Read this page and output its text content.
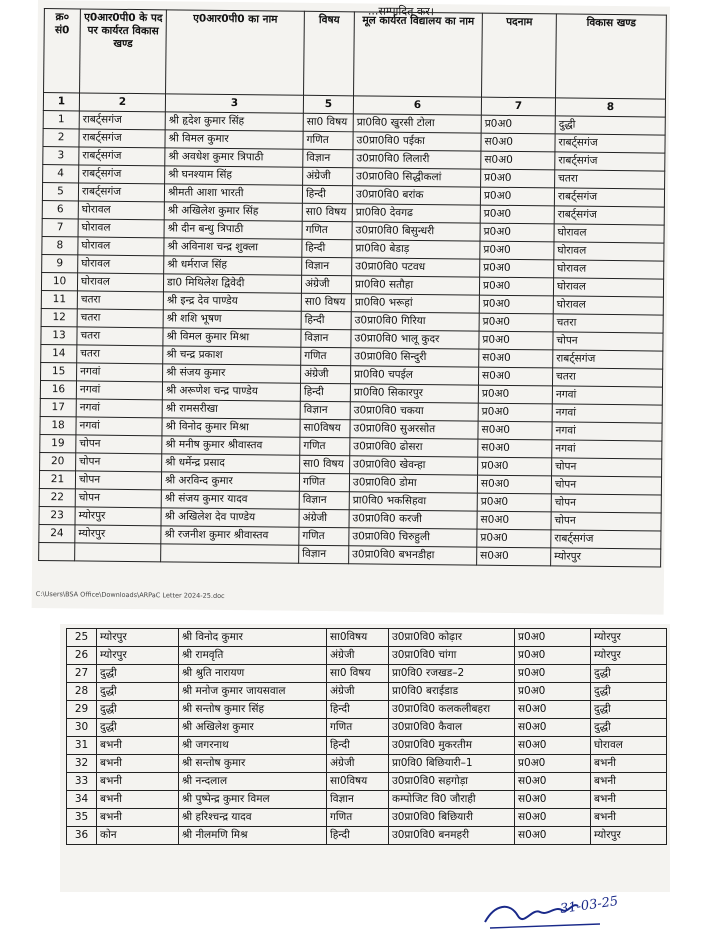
...सम्पादित कर।
क्र० सं0	ए0आर0पी0 के पद पर कार्यरत विकास खण्ड	ए0आर0पी0 का नाम	विषय	मूल कार्यरत विद्यालय का नाम	पदनाम	विकास खण्ड
1	2	3	5	6	7	8
1	राबर्ट्सगंज	श्री हृदेश कुमार सिंह	सा0 विषय	प्रा0वि0 खुरसी टोला	प्र0अ0	दुद्धी
2	राबर्ट्सगंज	श्री विमल कुमार	गणित	उ0प्रा0वि0 पईका	स0अ0	राबर्ट्सगंज
3	राबर्ट्सगंज	श्री अवधेश कुमार त्रिपाठी	विज्ञान	उ0प्रा0वि0 लिलारी	स0अ0	राबर्ट्सगंज
4	राबर्ट्सगंज	श्री घनश्याम सिंह	अंग्रेजी	उ0प्रा0वि0 सिद्धीकलां	प्र0अ0	चतरा
5	राबर्ट्सगंज	श्रीमती आशा भारती	हिन्दी	उ0प्रा0वि0 बरांक	प्र0अ0	राबर्ट्सगंज
6	घोरावल	श्री अखिलेश कुमार सिंह	सा0 विषय	प्रा0वि0 देवगढ	प्र0अ0	राबर्ट्सगंज
7	घोरावल	श्री दीन बन्धु त्रिपाठी	गणित	उ0प्रा0वि0 बिसुन्धरी	प्र0अ0	घोरावल
8	घोरावल	श्री अविनाश चन्द्र शुक्ला	हिन्दी	प्रा0वि0 बेडाड़	प्र0अ0	घोरावल
9	घोरावल	श्री धर्मराज सिंह	विज्ञान	उ0प्रा0वि0 पटवध	प्र0अ0	घोरावल
10	घोरावल	डा0 मिथिलेश द्विवेदी	अंग्रेजी	प्रा0वि0 सतौहा	प्र0अ0	घोरावल
11	चतरा	श्री इन्द्र देव पाण्डेय	सा0 विषय	प्रा0वि0 भरूहां	प्र0अ0	घोरावल
12	चतरा	श्री शशि भूषण	हिन्दी	उ0प्रा0वि0 गिरिया	प्र0अ0	चतरा
13	चतरा	श्री विमल कुमार मिश्रा	विज्ञान	उ0प्रा0वि0 भालू कुदर	प्र0अ0	चोपन
14	चतरा	श्री चन्द्र प्रकाश	गणित	उ0प्रा0वि0 सिन्दुरी	स0अ0	राबर्ट्सगंज
15	नगवां	श्री संजय कुमार	अंग्रेजी	प्रा0वि0 चपईल	स0अ0	चतरा
16	नगवां	श्री अरूणेश चन्द्र पाण्डेय	हिन्दी	प्रा0वि0 सिकारपुर	प्र0अ0	नगवां
17	नगवां	श्री रामसरीखा	विज्ञान	उ0प्रा0वि0 चकया	प्र0अ0	नगवां
18	नगवां	श्री विनोद कुमार मिश्रा	सा0विषय	उ0प्रा0वि0 सुअरसोत	स0अ0	नगवां
19	चोपन	श्री मनीष कुमार श्रीवास्तव	गणित	उ0प्रा0वि0 ढोसरा	स0अ0	नगवां
20	चोपन	श्री धर्मेन्द्र प्रसाद	सा0 विषय	उ0प्रा0वि0 खेवन्हा	प्र0अ0	चोपन
21	चोपन	श्री अरविन्द कुमार	गणित	उ0प्रा0वि0 डोमा	स0अ0	चोपन
22	चोपन	श्री संजय कुमार यादव	विज्ञान	प्रा0वि0 भकसिहवा	प्र0अ0	चोपन
23	म्योरपुर	श्री अखिलेश देव पाण्डेय	अंग्रेजी	उ0प्रा0वि0 करजी	स0अ0	चोपन
24	म्योरपुर	श्री रजनीश कुमार श्रीवास्तव	गणित	उ0प्रा0वि0 चिरुहुली	प्र0अ0	राबर्ट्सगंज
			विज्ञान	उ0प्रा0वि0 बभनडीहा	स0अ0	म्योरपुर
C:\Users\BSA Office\Downloads\ARPaC Letter 2024-25.doc
25	म्योरपुर	श्री विनोद कुमार	सा0विषय	उ0प्रा0वि0 कोढ़ार	प्र0अ0	म्योरपुर
26	म्योरपुर	श्री रामवृति	अंग्रेजी	उ0प्रा0वि0 चांगा	प्र0अ0	म्योरपुर
27	दुद्धी	श्री श्रुति नारायण	सा0 विषय	प्रा0वि0 रजखड–2	प्र0अ0	दुद्धी
28	दुद्धी	श्री मनोज कुमार जायसवाल	अंग्रेजी	प्रा0वि0 बराईडाड	प्र0अ0	दुद्धी
29	दुद्धी	श्री सन्तोष कुमार सिंह	हिन्दी	उ0प्रा0वि0 कलकलीबहरा	स0अ0	दुद्धी
30	दुद्धी	श्री अखिलेश कुमार	गणित	उ0प्रा0वि0 कैवाल	स0अ0	दुद्धी
31	बभनी	श्री जगरनाथ	हिन्दी	उ0प्रा0वि0 मुकरतीम	स0अ0	घोरावल
32	बभनी	श्री सन्तोष कुमार	अंग्रेजी	प्रा0वि0 बिछियारी–1	प्र0अ0	बभनी
33	बभनी	श्री नन्दलाल	सा0विषय	उ0प्रा0वि0 सहगोड़ा	स0अ0	बभनी
34	बभनी	श्री पुष्पेन्द्र कुमार विमल	विज्ञान	कम्पोजिट वि0 जौराही	स0अ0	बभनी
35	बभनी	श्री हरिश्चन्द्र यादव	गणित	उ0प्रा0वि0 बिछियारी	स0अ0	बभनी
36	कोन	श्री नीलमणि मिश्र	हिन्दी	उ0प्रा0वि0 बनमहरी	स0अ0	म्योरपुर
31-03-25
